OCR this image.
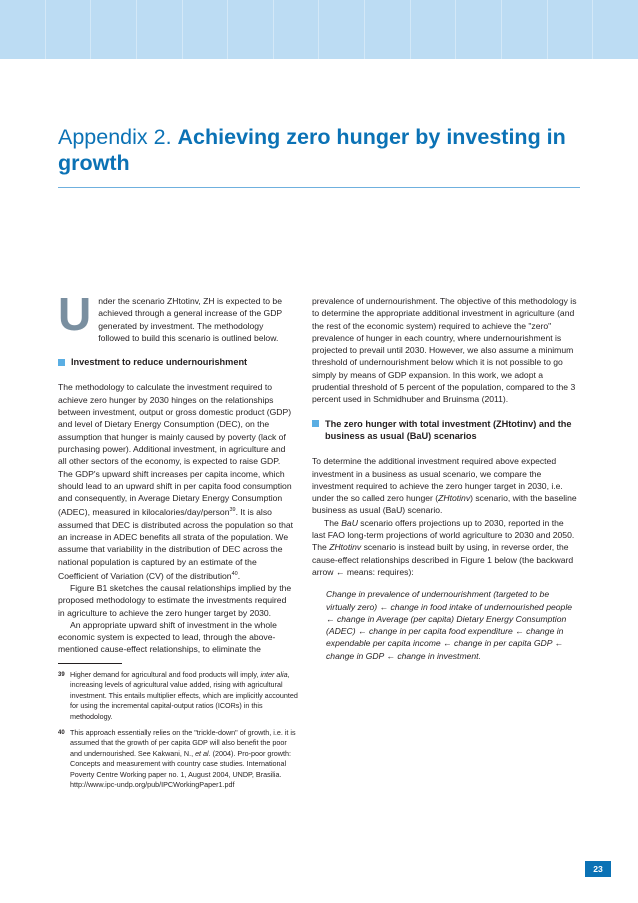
Appendix 2. Achieving zero hunger by investing in growth

Under the scenario ZHtotinv, ZH is expected to be achieved through a general increase of the GDP generated by investment. The methodology followed to build this scenario is outlined below.

Investment to reduce undernourishment

The methodology to calculate the investment required to achieve zero hunger by 2030 hinges on the relationships between investment, output or gross domestic product (GDP) and level of Dietary Energy Consumption (DEC), on the assumption that hunger is mainly caused by poverty (lack of purchasing power). Additional investment, in agriculture and all other sectors of the economy, is expected to raise GDP. The GDP's upward shift increases per capita income, which should lead to an upward shift in per capita food consumption and consequently, in Average Dietary Energy Consumption (ADEC), measured in kilocalories/day/person$^{39}$. It is also assumed that DEC is distributed across the population so that an increase in ADEC benefits all strata of the population. We assume that variability in the distribution of DEC across the national population is captured by an estimate of the Coefficient of Variation (CV) of the distribution$^{40}$.

Figure B1 sketches the causal relationships implied by the proposed methodology to estimate the investments required in agriculture to achieve the zero hunger target by 2030.

An appropriate upward shift of investment in the whole economic system is expected to lead, through the above-mentioned cause-effect relationships, to eliminate the

39 Higher demand for agricultural and food products will imply, inter alia, increasing levels of agricultural value added, rising with agricultural investment. This entails multiplier effects, which are implicitly accounted for using the incremental capital-output ratios (ICORs) in this methodology.
40 This approach essentially relies on the "trickle-down" of growth, i.e. it is assumed that the growth of per capita GDP will also benefit the poor and undernourished. See Kakwani, N., et al. (2004). Pro-poor growth: Concepts and measurement with country case studies. International Poverty Centre Working paper no. 1, August 2004, UNDP, Brasilia. http://www.ipc-undp.org/pub/IPCWorkingPaper1.pdf

prevalence of undernourishment. The objective of this methodology is to determine the appropriate additional investment in agriculture (and the rest of the economic system) required to achieve the "zero" prevalence of hunger in each country, where undernourishment is projected to prevail until 2030. However, we also assume a minimum threshold of undernourishment below which it is not possible to go simply by means of GDP expansion. In this work, we adopt a prudential threshold of 5 percent of the population, compared to the 3 percent used in Schmidhuber and Bruinsma (2011).

The zero hunger with total investment (ZHtotinv) and the business as usual (BaU) scenarios

To determine the additional investment required above expected investment in a business as usual scenario, we compare the investment required to achieve the zero hunger target in 2030, i.e. under the so called zero hunger (ZHtotinv) scenario, with the baseline business as usual (BaU) scenario.

The BaU scenario offers projections up to 2030, reported in the last FAO long-term projections of world agriculture to 2030 and 2050. The ZHtotinv scenario is instead built by using, in reverse order, the cause-effect relationships described in Figure 1 below (the backward arrow ← means: requires):

Change in prevalence of undernourishment (targeted to be virtually zero) ← change in food intake of undernourished people ← change in Average (per capita) Dietary Energy Consumption (ADEC) ← change in per capita food expenditure ← change in expendable per capita income ← change in per capita GDP ← change in GDP ← change in investment.

23
